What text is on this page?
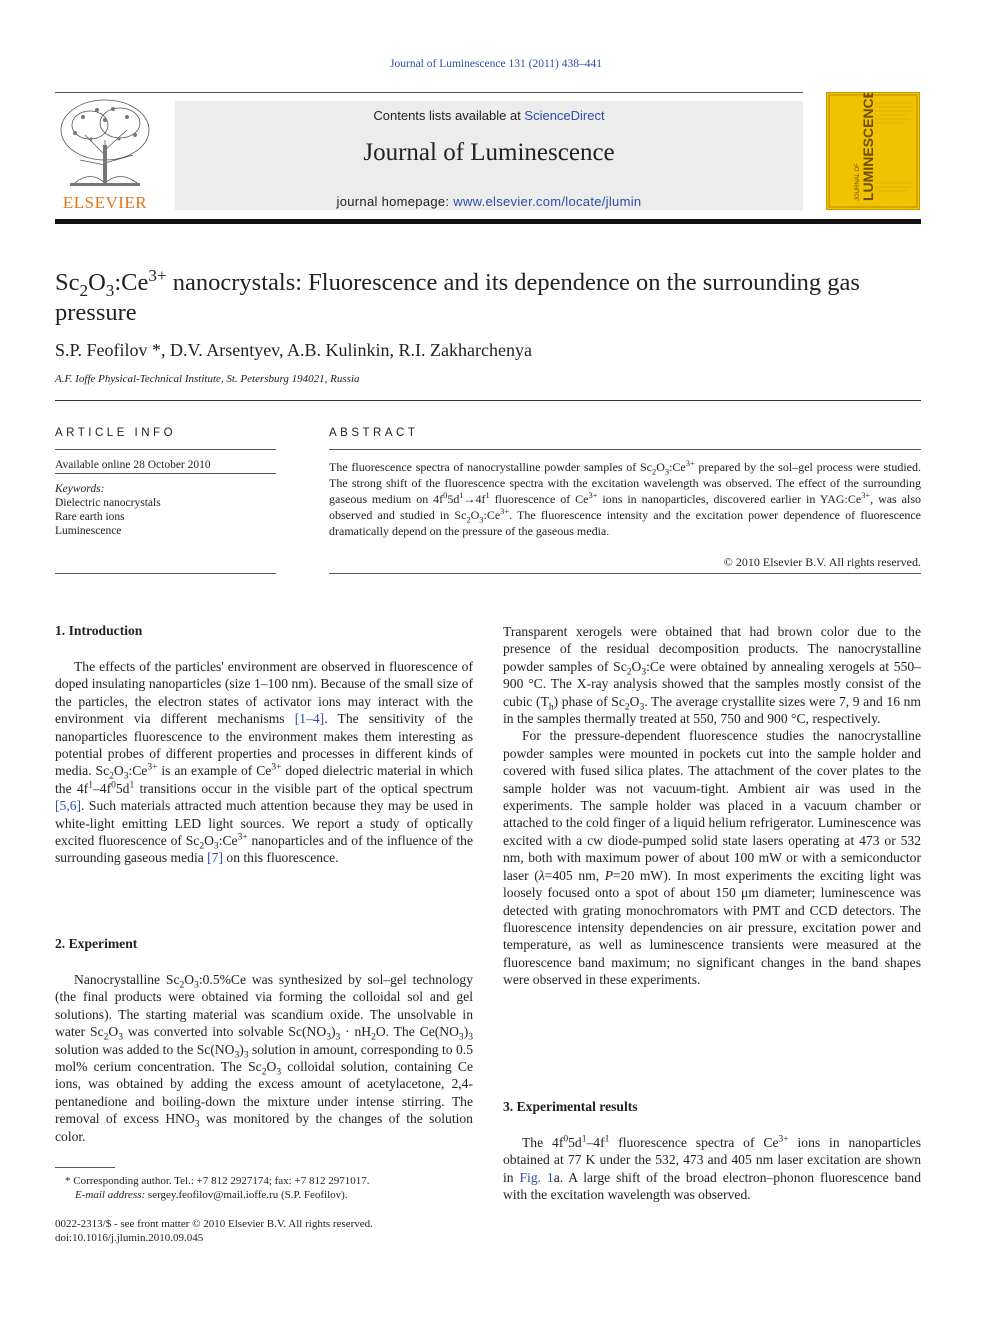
Journal of Luminescence 131 (2011) 438–441
ELSEVIER
Contents lists available at ScienceDirect
Journal of Luminescence
journal homepage: www.elsevier.com/locate/jlumin
JOURNAL OF LUMINESCENCE
$Sc_2O_3:Ce^{3+}$ nanocrystals: Fluorescence and its dependence on the surrounding gas pressure
S.P. Feofilov *, D.V. Arsentyev, A.B. Kulinkin, R.I. Zakharchenya
A.F. Ioffe Physical-Technical Institute, St. Petersburg 194021, Russia
ARTICLE INFO	ABSTRACT
Available online 28 October 2010
Keywords:
Dielectric nanocrystals
Rare earth ions
Luminescence
The fluorescence spectra of nanocrystalline powder samples of $Sc_2O_3:Ce^{3+}$ prepared by the sol–gel process were studied. The strong shift of the fluorescence spectra with the excitation wavelength was observed. The effect of the surrounding gaseous medium on $4f^05d^1\to 4f^1$ fluorescence of $Ce^{3+}$ ions in nanoparticles, discovered earlier in $YAG:Ce^{3+}$, was also observed and studied in $Sc_2O_3:Ce^{3+}$. The fluorescence intensity and the excitation power dependence of fluorescence dramatically depend on the pressure of the gaseous media.
© 2010 Elsevier B.V. All rights reserved.
1. Introduction

The effects of the particles' environment are observed in fluorescence of doped insulating nanoparticles (size 1–100 nm). Because of the small size of the particles, the electron states of activator ions may interact with the environment via different mechanisms [1–4]. The sensitivity of the nanoparticles fluorescence to the environment makes them interesting as potential probes of different properties and processes in different kinds of media. $Sc_2O_3:Ce^{3+}$ is an example of $Ce^{3+}$ doped dielectric material in which the $4f^1-4f^05d^1$ transitions occur in the visible part of the optical spectrum [5,6]. Such materials attracted much attention because they may be used in white-light emitting LED light sources. We report a study of optically excited fluorescence of $Sc_2O_3:Ce^{3+}$ nanoparticles and of the influence of the surrounding gaseous media [7] on this fluorescence.

2. Experiment

Nanocrystalline $Sc_2O_3:0.5\%Ce$ was synthesized by sol–gel technology (the final products were obtained via forming the colloidal sol and gel solutions). The starting material was scandium oxide. The unsolvable in water $Sc_2O_3$ was converted into solvable $Sc(NO_3)_3 \cdot nH_2O$. The $Ce(NO_3)_3$ solution was added to the $Sc(NO_3)_3$ solution in amount, corresponding to 0.5 mol% cerium concentration. The $Sc_2O_3$ colloidal solution, containing Ce ions, was obtained by adding the excess amount of acetylacetone, 2,4-pentanedione and boiling-down the mixture under intense stirring. The removal of excess $HNO_3$ was monitored by the changes of the solution color.

Transparent xerogels were obtained that had brown color due to the presence of the residual decomposition products. The nanocrystalline powder samples of $Sc_2O_3:Ce$ were obtained by annealing xerogels at 550–900 °C. The X-ray analysis showed that the samples mostly consist of the cubic $(T_h)$ phase of $Sc_2O_3$. The average crystallite sizes were 7, 9 and 16 nm in the samples thermally treated at 550, 750 and 900 °C, respectively.

For the pressure-dependent fluorescence studies the nanocrystalline powder samples were mounted in pockets cut into the sample holder and covered with fused silica plates. The attachment of the cover plates to the sample holder was not vacuum-tight. Ambient air was used in the experiments. The sample holder was placed in a vacuum chamber or attached to the cold finger of a liquid helium refrigerator. Luminescence was excited with a cw diode-pumped solid state lasers operating at 473 or 532 nm, both with maximum power of about 100 mW or with a semiconductor laser (λ=405 nm, P=20 mW). In most experiments the exciting light was loosely focused onto a spot of about 150 μm diameter; luminescence was detected with grating monochromators with PMT and CCD detectors. The fluorescence intensity dependencies on air pressure, excitation power and temperature, as well as luminescence transients were measured at the fluorescence band maximum; no significant changes in the band shapes were observed in these experiments.

3. Experimental results

The $4f^05d^1-4f^1$ fluorescence spectra of $Ce^{3+}$ ions in nanoparticles obtained at 77 K under the 532, 473 and 405 nm laser excitation are shown in Fig. 1a. A large shift of the broad electron–phonon fluorescence band with the excitation wavelength was observed.

* Corresponding author. Tel.: +7 812 2927174; fax: +7 812 2971017.
E-mail address: sergey.feofilov@mail.ioffe.ru (S.P. Feofilov).
0022-2313/$ - see front matter © 2010 Elsevier B.V. All rights reserved.
doi:10.1016/j.jlumin.2010.09.045
